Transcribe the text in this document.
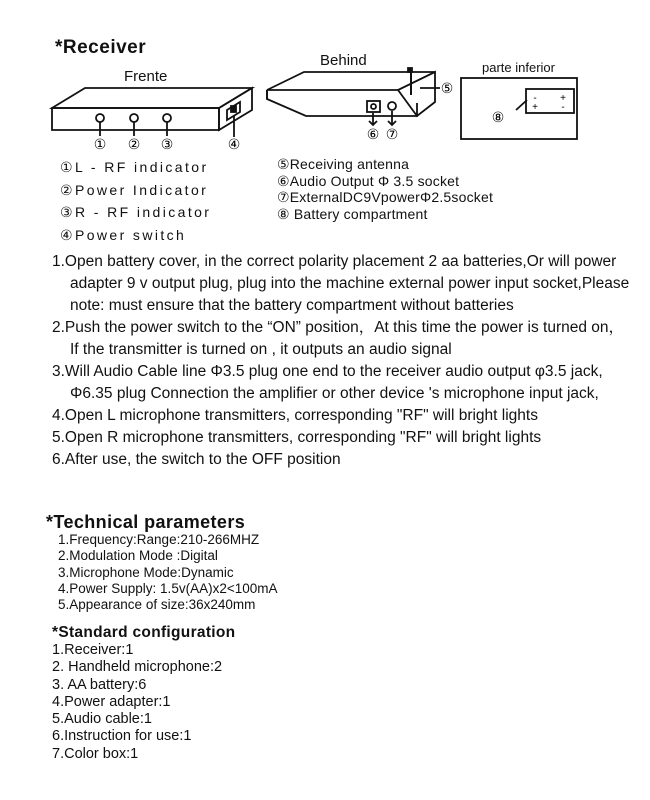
*Receiver
① ② ③	④
⑤
⑥ ⑦
⑧
- +
+ -
Frente
Behind	parte inferior
①L - RF indicator
②Power Indicator
③R - RF indicator
④Power switch
⑤Receiving antenna
⑥Audio Output Φ 3.5 socket
⑦ExternalDC9VpowerΦ2.5socket
⑧ Battery compartment

1.Open battery cover, in the correct polarity placement 2 aa batteries,Or will power adapter 9 v output plug, plug into the machine external power input socket,Please note: must ensure that the battery compartment without batteries

2.Push the power switch to the “ON” position，At this time the power is turned on，If the transmitter is turned on , it outputs an audio signal

3.Will Audio Cable line Φ3.5 plug one end to the receiver audio output φ3.5 jack, Φ6.35 plug Connection the amplifier or other device 's microphone input jack,

4.Open L microphone transmitters, corresponding "RF" will bright lights

5.Open R microphone transmitters, corresponding "RF" will bright lights

6.After use, the switch to the OFF position

*Technical parameters
1.Frequency:Range:210-266MHZ
2.Modulation Mode :Digital
3.Microphone Mode:Dynamic
4.Power Supply: 1.5v(AA)x2<100mA
5.Appearance of size:36x240mm
*Standard configuration
1.Receiver:1
2. Handheld microphone:2
3. AA battery:6
4.Power adapter:1
5.Audio cable:1
6.Instruction for use:1
7.Color box:1
